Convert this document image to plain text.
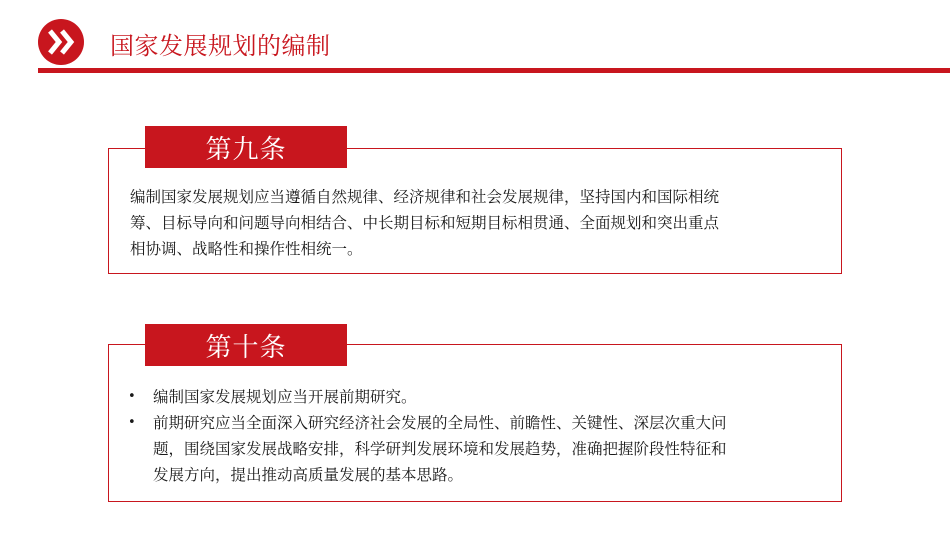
国家发展规划的编制
第九条
编制国家发展规划应当遵循自然规律、经济规律和社会发展规律，坚持国内和国际相统
筹、目标导向和问题导向相结合、中长期目标和短期目标相贯通、全面规划和突出重点
相协调、战略性和操作性相统一。
第十条
• 编制国家发展规划应当开展前期研究。
• 前期研究应当全面深入研究经济社会发展的全局性、前瞻性、关键性、深层次重大问
题，围绕国家发展战略安排，科学研判发展环境和发展趋势，准确把握阶段性特征和
发展方向，提出推动高质量发展的基本思路。
